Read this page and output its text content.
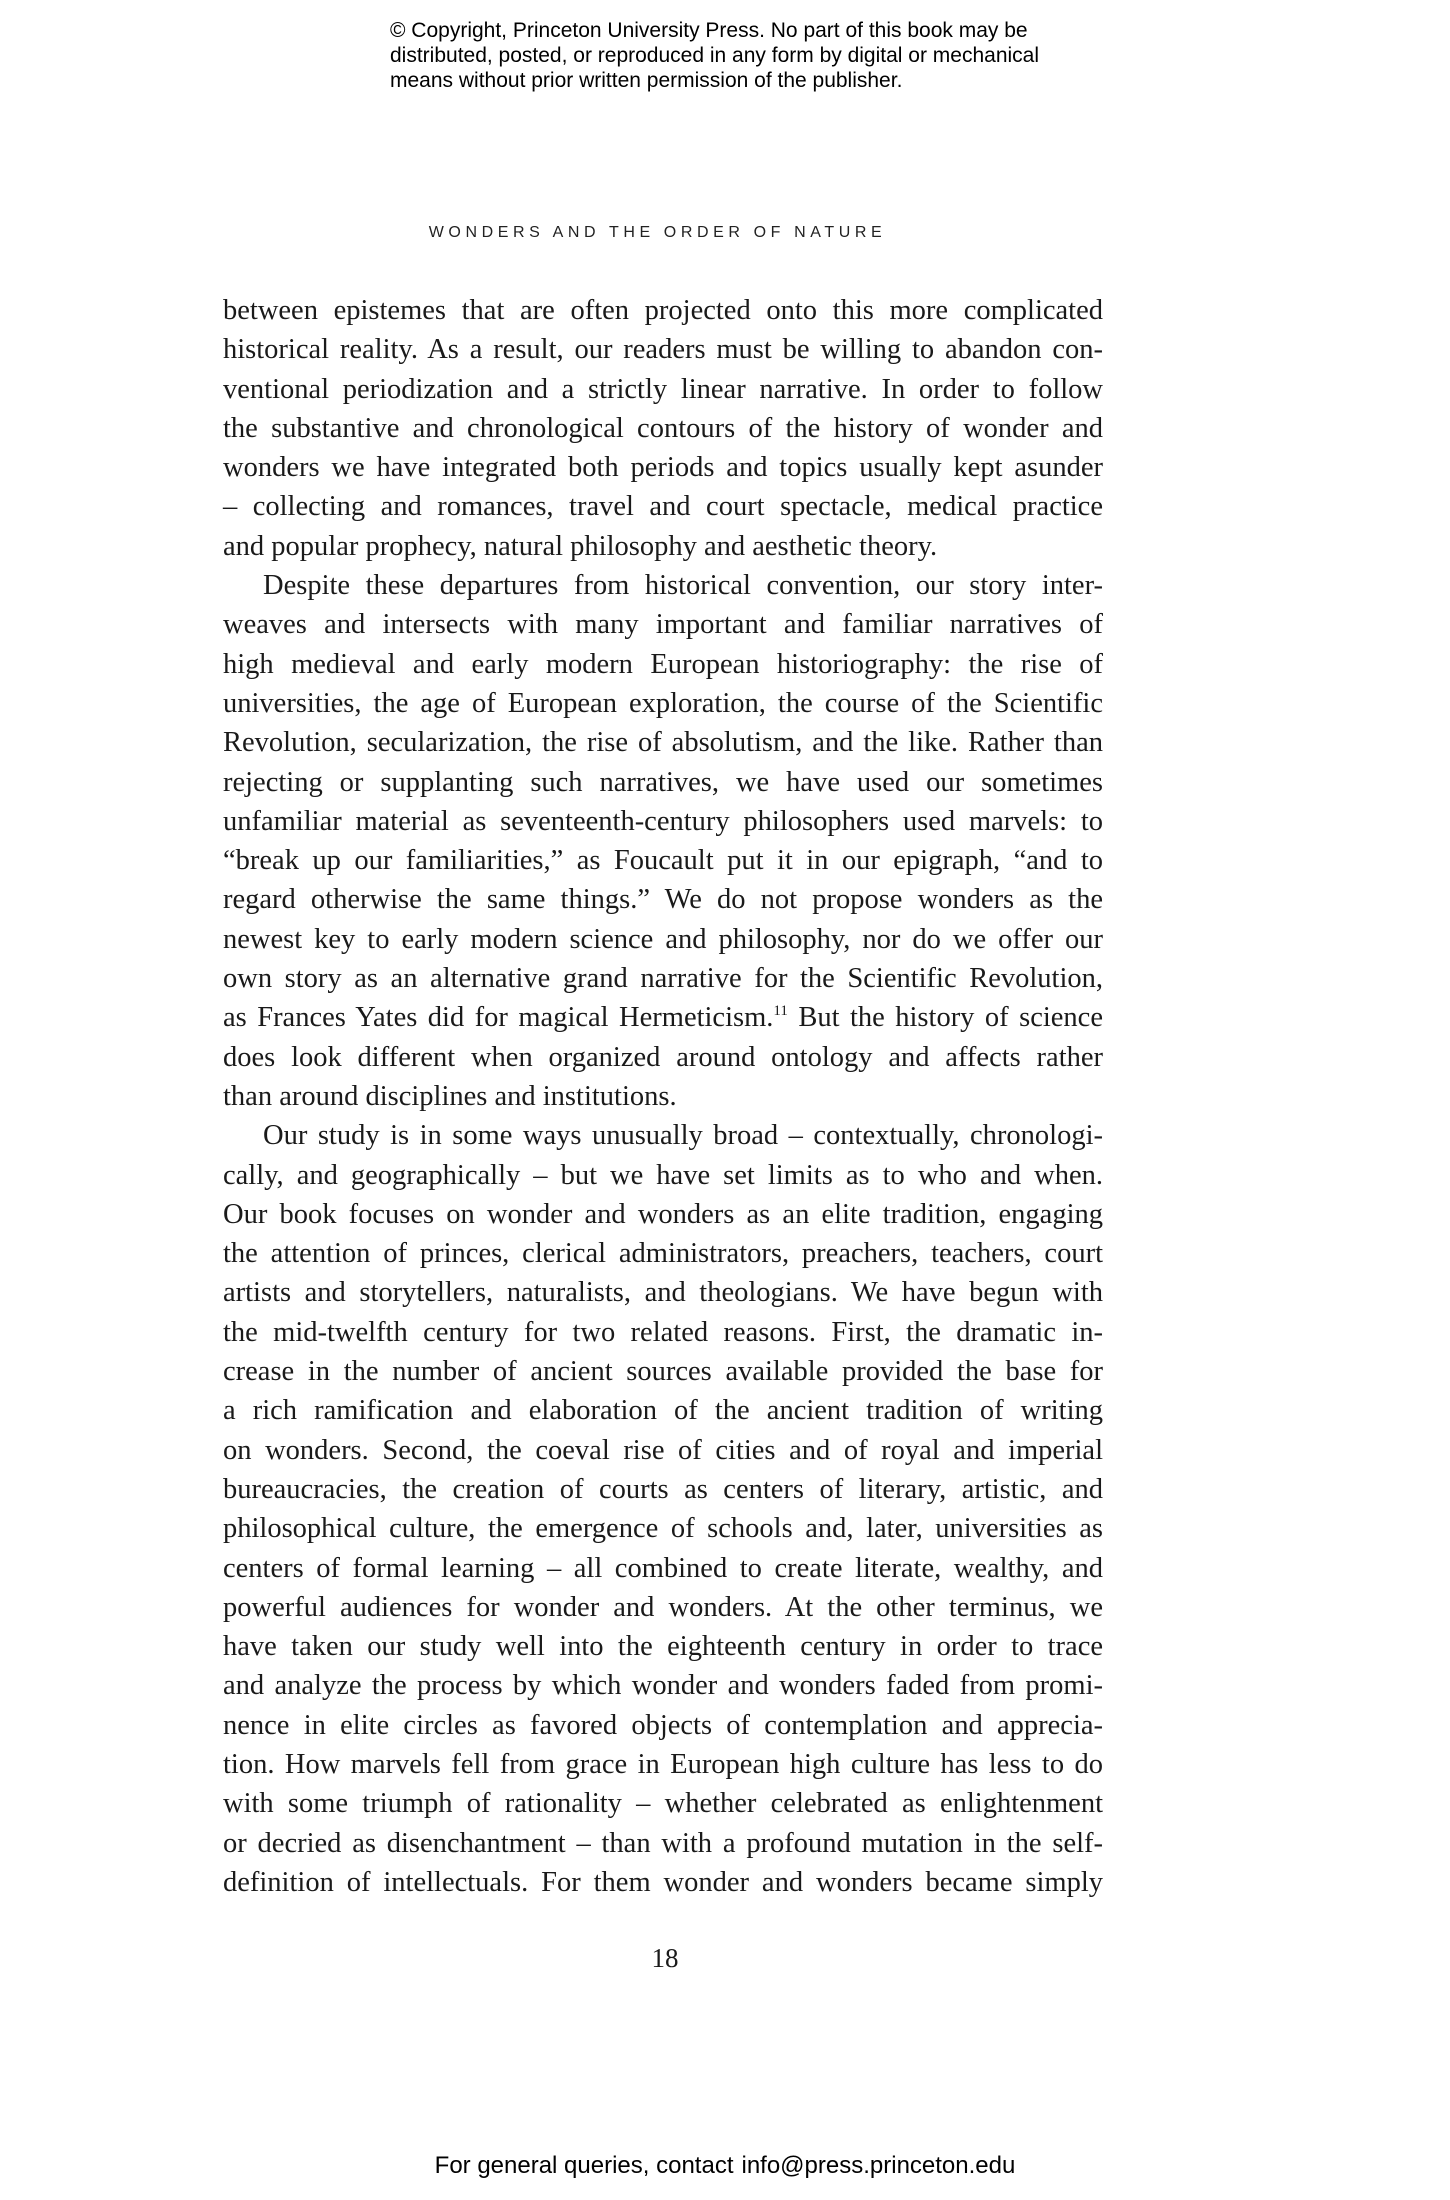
© Copyright, Princeton University Press. No part of this book may be
distributed, posted, or reproduced in any form by digital or mechanical
means without prior written permission of the publisher.
WONDERS AND THE ORDER OF NATURE
between epistemes that are often projected onto this more complicated
historical reality. As a result, our readers must be willing to abandon con-
ventional periodization and a strictly linear narrative. In order to follow
the substantive and chronological contours of the history of wonder and
wonders we have integrated both periods and topics usually kept asunder
– collecting and romances, travel and court spectacle, medical practice
and popular prophecy, natural philosophy and aesthetic theory.
Despite these departures from historical convention, our story inter-
weaves and intersects with many important and familiar narratives of
high medieval and early modern European historiography: the rise of
universities, the age of European exploration, the course of the Scientific
Revolution, secularization, the rise of absolutism, and the like. Rather than
rejecting or supplanting such narratives, we have used our sometimes
unfamiliar material as seventeenth-century philosophers used marvels: to
“break up our familiarities,” as Foucault put it in our epigraph, “and to
regard otherwise the same things.” We do not propose wonders as the
newest key to early modern science and philosophy, nor do we offer our
own story as an alternative grand narrative for the Scientific Revolution,
as Frances Yates did for magical Hermeticism.$^{11}$ But the history of science
does look different when organized around ontology and affects rather
than around disciplines and institutions.
Our study is in some ways unusually broad – contextually, chronologi-
cally, and geographically – but we have set limits as to who and when.
Our book focuses on wonder and wonders as an elite tradition, engaging
the attention of princes, clerical administrators, preachers, teachers, court
artists and storytellers, naturalists, and theologians. We have begun with
the mid-twelfth century for two related reasons. First, the dramatic in-
crease in the number of ancient sources available provided the base for
a rich ramification and elaboration of the ancient tradition of writing
on wonders. Second, the coeval rise of cities and of royal and imperial
bureaucracies, the creation of courts as centers of literary, artistic, and
philosophical culture, the emergence of schools and, later, universities as
centers of formal learning – all combined to create literate, wealthy, and
powerful audiences for wonder and wonders. At the other terminus, we
have taken our study well into the eighteenth century in order to trace
and analyze the process by which wonder and wonders faded from promi-
nence in elite circles as favored objects of contemplation and apprecia-
tion. How marvels fell from grace in European high culture has less to do
with some triumph of rationality – whether celebrated as enlightenment
or decried as disenchantment – than with a profound mutation in the self-
definition of intellectuals. For them wonder and wonders became simply
18
For general queries, contact info@press.princeton.edu
